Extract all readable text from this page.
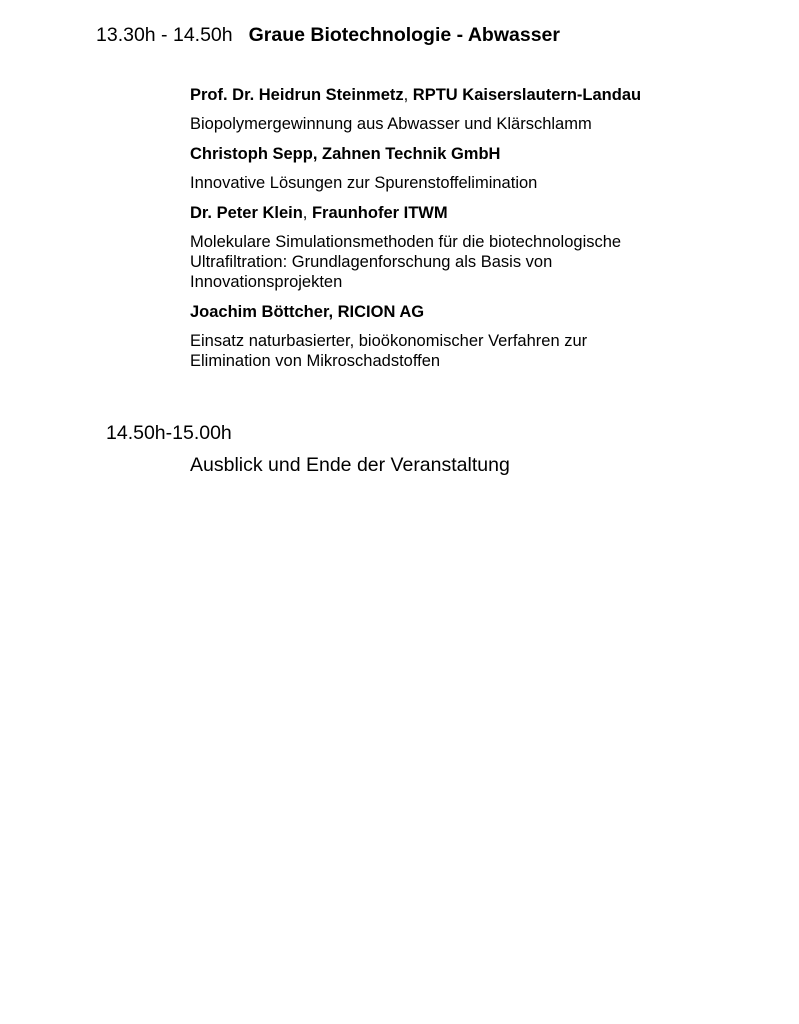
13.30h - 14.50h Graue Biotechnologie - Abwasser
Prof. Dr. Heidrun Steinmetz, RPTU Kaiserslautern-Landau
Biopolymergewinnung aus Abwasser und Klärschlamm
Christoph Sepp, Zahnen Technik GmbH
Innovative Lösungen zur Spurenstoffelimination
Dr. Peter Klein, Fraunhofer ITWM
Molekulare Simulationsmethoden für die biotechnologische
Ultrafiltration: Grundlagenforschung als Basis von
Innovationsprojekten
Joachim Böttcher, RICION AG
Einsatz naturbasierter, bioökonomischer Verfahren zur
Elimination von Mikroschadstoffen
14.50h-15.00h
Ausblick und Ende der Veranstaltung
